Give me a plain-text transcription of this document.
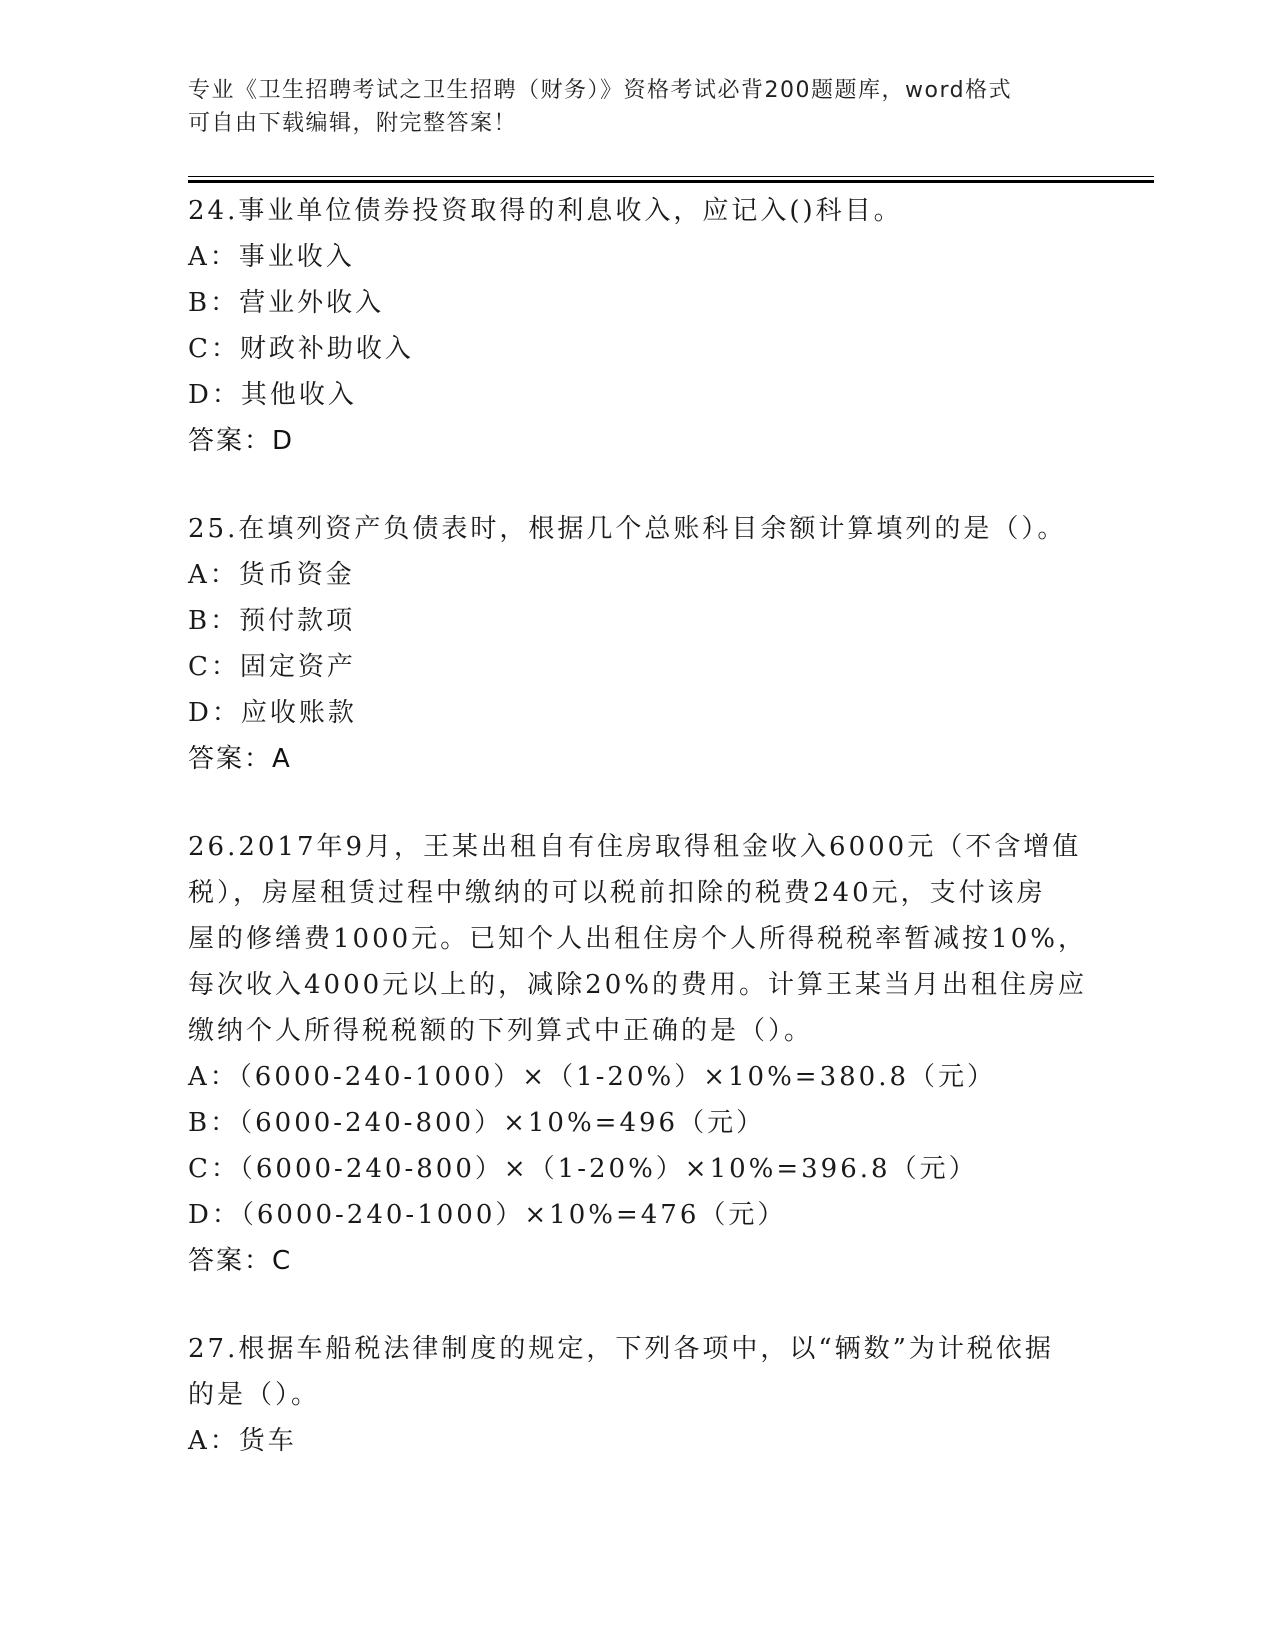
专业《卫生招聘考试之卫生招聘（财务）》资格考试必背200题题库，word格式
可自由下载编辑，附完整答案！
24.事业单位债券投资取得的利息收入，应记入()科目。
A：事业收入
B：营业外收入
C：财政补助收入
D：其他收入
答案：D
25.在填列资产负债表时，根据几个总账科目余额计算填列的是（）。
A：货币资金
B：预付款项
C：固定资产
D：应收账款
答案：A
26.2017年9月，王某出租自有住房取得租金收入6000元（不含增值
税），房屋租赁过程中缴纳的可以税前扣除的税费240元，支付该房
屋的修缮费1000元。已知个人出租住房个人所得税税率暂减按10%，
每次收入4000元以上的，减除20%的费用。计算王某当月出租住房应
缴纳个人所得税税额的下列算式中正确的是（）。
A：（6000-240-1000）×（1-20%）×10%=380.8（元）
B：（6000-240-800）×10%=496（元）
C：（6000-240-800）×（1-20%）×10%=396.8（元）
D：（6000-240-1000）×10%=476（元）
答案：C
27.根据车船税法律制度的规定，下列各项中，以“辆数”为计税依据
的是（）。
A：货车
